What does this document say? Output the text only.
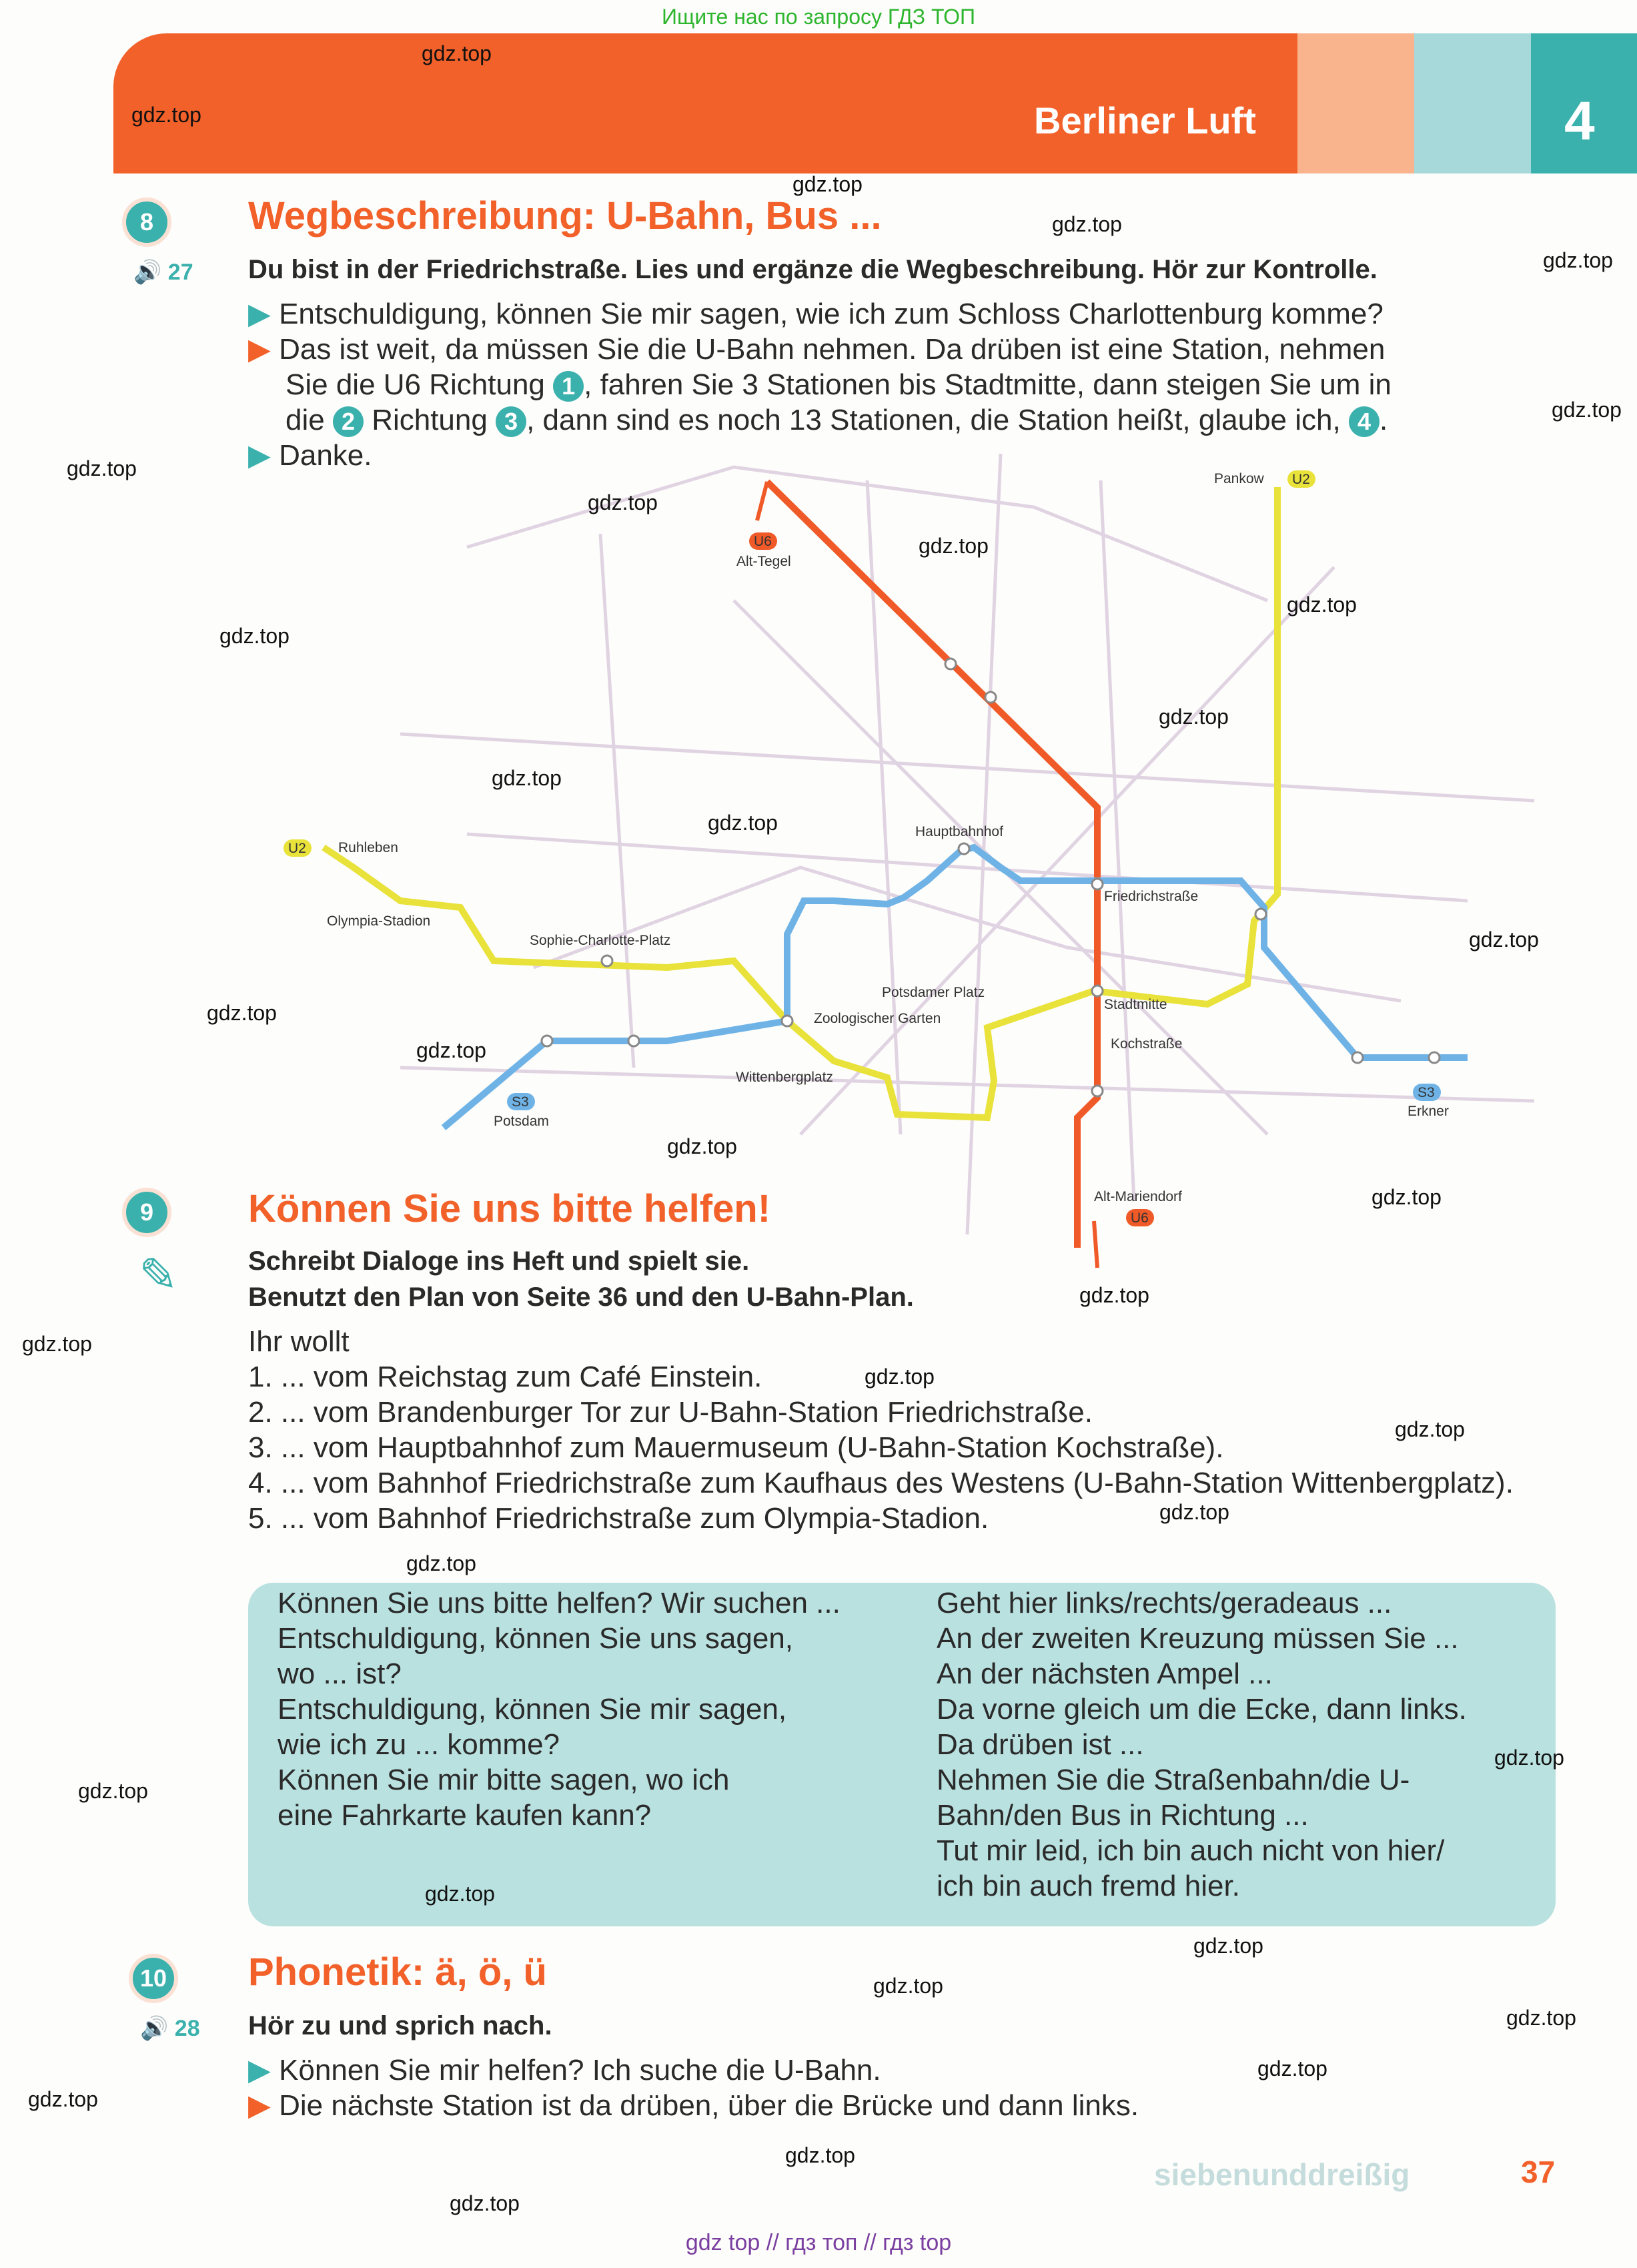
Ищите нас по запросу ГДЗ ТОП
Berliner Luft	4
8	Wegbeschreibung: U-Bahn, Bus ...
🔊 27 Du bist in der Friedrichstraße. Lies und ergänze die Wegbeschreibung. Hör zur Kontrolle.
▶ Entschuldigung, können Sie mir sagen, wie ich zum Schloss Charlottenburg komme?
▶ Das ist weit, da müssen Sie die U-Bahn nehmen. Da drüben ist eine Station, nehmen
Sie die U6 Richtung 1 , fahren Sie 3 Stationen bis Stadtmitte, dann steigen Sie um in
die 2 Richtung 3 , dann sind es noch 13 Stationen, die Station heißt, glaube ich, 4 .
▶ Danke.
U2
Pankow
U6
Alt-Tegel
U2 Ruhleben
Olympia-Stadion
Sophie-Charlotte-Platz
Hauptbahnhof
Friedrichstraße
Potsdamer Platz
Zoologischer Garten
Stadtmitte
Kochstraße
Wittenbergplatz
S3
Potsdam
S3
Erkner
Alt-Mariendorf
U6
9
✎
Können Sie uns bitte helfen!
Schreibt Dialoge ins Heft und spielt sie.
Benutzt den Plan von Seite 36 und den U-Bahn-Plan.
Ihr wollt
1. ... vom Reichstag zum Café Einstein.
2. ... vom Brandenburger Tor zur U-Bahn-Station Friedrichstraße.
3. ... vom Hauptbahnhof zum Mauermuseum (U-Bahn-Station Kochstraße).
4. ... vom Bahnhof Friedrichstraße zum Kaufhaus des Westens (U-Bahn-Station Wittenbergplatz).
5. ... vom Bahnhof Friedrichstraße zum Olympia-Stadion.
Können Sie uns bitte helfen? Wir suchen ...
Entschuldigung, können Sie uns sagen,
wo ... ist?
Entschuldigung, können Sie mir sagen,
wie ich zu ... komme?
Können Sie mir bitte sagen, wo ich
eine Fahrkarte kaufen kann?
Geht hier links/rechts/geradeaus ...
An der zweiten Kreuzung müssen Sie ...
An der nächsten Ampel ...
Da vorne gleich um die Ecke, dann links.
Da drüben ist ...
Nehmen Sie die Straßenbahn/die U-
Bahn/den Bus in Richtung ...
Tut mir leid, ich bin auch nicht von hier/
ich bin auch fremd hier.
10 Phonetik: ä, ö, ü
🔊 28 Hör zu und sprich nach.
▶ Können Sie mir helfen? Ich suche die U-Bahn.
▶ Die nächste Station ist da drüben, über die Brücke und dann links.
siebenunddreißig	37
gdz top // гдз топ // гдз top
gdz.top
gdz.top
gdz.top
gdz.top
gdz.top
gdz.top
gdz.top
gdz.top
gdz.top
gdz.top
gdz.top
gdz.top
gdz.top
gdz.top
gdz.top
gdz.top
gdz.top
gdz.top
gdz.top
gdz.top
gdz.top
gdz.top
gdz.top
gdz.top
gdz.top
gdz.top
gdz.top
gdz.top
gdz.top
gdz.top
gdz.top
gdz.top
gdz.top
gdz.top
gdz.top
